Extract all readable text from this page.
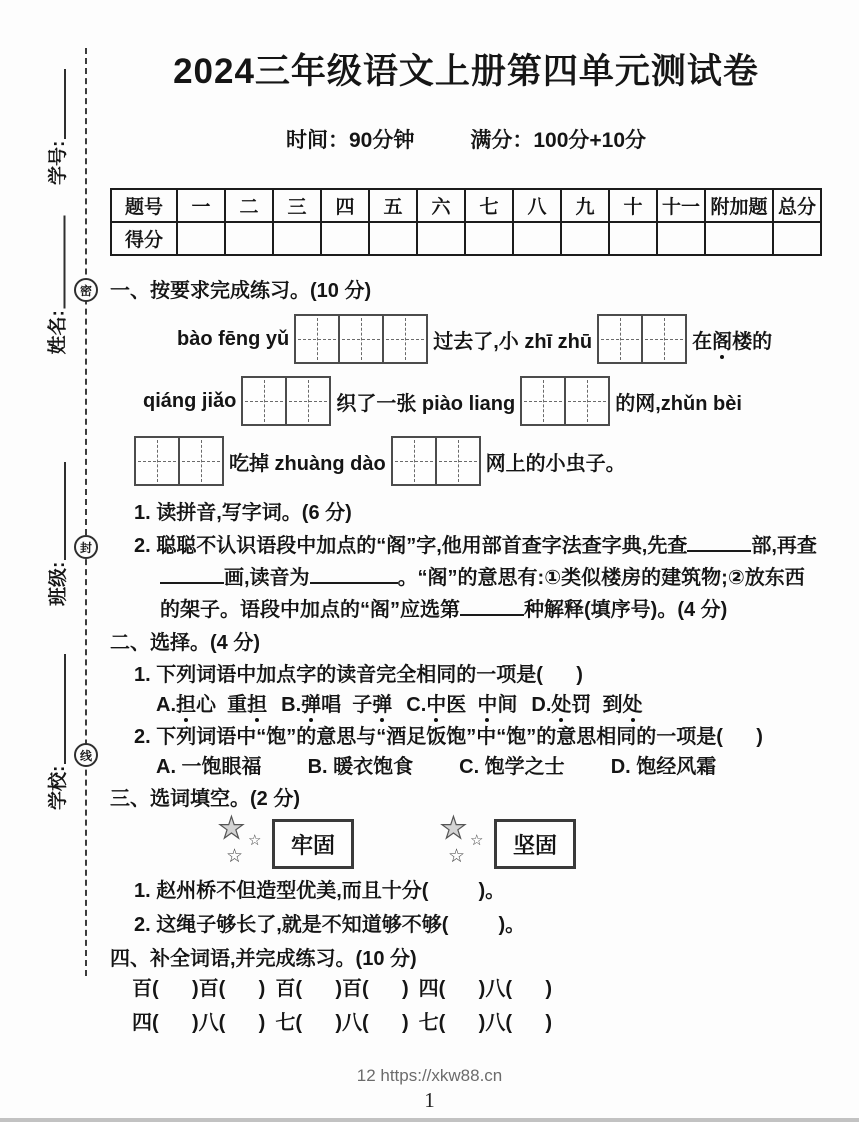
密
封
线
学号:
姓名:
班级:
学校:
2024三年级语文上册第四单元测试卷
时间：90分钟	满分：100分+10分
题号	一	二	三	四	五	六	七	八	九	十	十一	附加题	总分
得分													
一、按要求完成练习。(10 分)
bào fēng yǔ	过去了,小 zhī zhū	在阁楼的
qiáng jiǎo	织了一张 piào liang	的网,zhǔn bèi
吃掉 zhuàng dào	网上的小虫子。
1. 读拼音,写字词。(6 分)
2. 聪聪不认识语段中加点的“阁”字,他用部首查字法查字典,先查	部,再查画,读音为	。“阁”的意思有:①类似楼房的建筑物;②放东西的架子。语段中加点的“阁”应选第	种解释(填序号)。(4 分)
二、选择。(4 分)
1. 下列词语中加点字的读音完全相同的一项是(      )
A.担心 重担 B.弹唱 子弹 C.中医 中间 D.处罚 到处
2. 下列词语中“饱”的意思与“酒足饭饱”中“饱”的意思相同的一项是(      )
A. 一饱眼福 B. 暖衣饱食 C. 饱学之士 D. 饱经风霜
三、选词填空。(2 分)
★ ☆
☆	牢固	★ ☆
☆	坚固
1. 赵州桥不但造型优美,而且十分(         )。
2. 这绳子够长了,就是不知道够不够(         )。
四、补全词语,并完成练习。(10 分)
百(      )百(      ) 百(      )百(      ) 四(      )八(      )
四(      )八(      ) 七(      )八(      ) 七(      )八(      )
12 https://xkw88.cn
1
